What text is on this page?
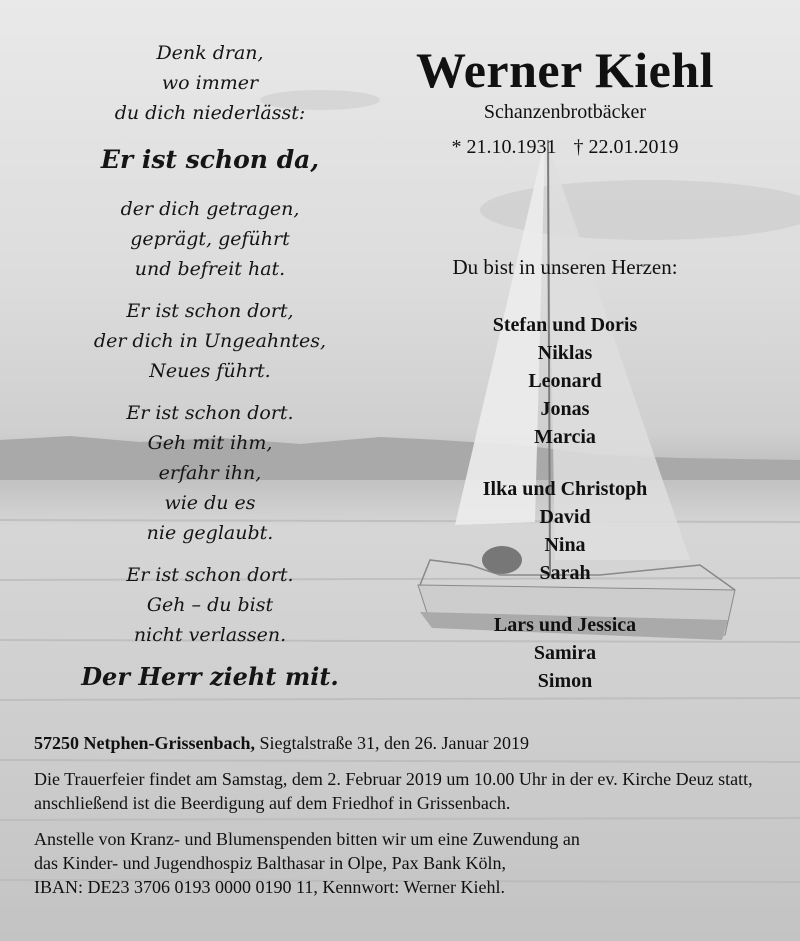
Denk dran,
wo immer
du dich niederlässt:
Er ist schon da,
der dich getragen,
geprägt, geführt
und befreit hat.
Er ist schon dort,
der dich in Ungeahntes,
Neues führt.
Er ist schon dort.
Geh mit ihm,
erfahr ihn,
wie du es
nie geglaubt.
Er ist schon dort.
Geh – du bist
nicht verlassen.
Der Herr zieht mit.
Werner Kiehl
Schanzenbrotbäcker
* 21.10.1931 † 22.01.2019
Du bist in unseren Herzen:
Stefan und Doris
Niklas
Leonard
Jonas
Marcia
Ilka und Christoph
David
Nina
Sarah
Lars und Jessica
Samira
Simon

57250 Netphen-Grissenbach, Siegtalstraße 31, den 26. Januar 2019

Die Trauerfeier findet am Samstag, dem 2. Februar 2019 um 10.00 Uhr in der ev. Kirche Deuz statt, anschließend ist die Beerdigung auf dem Friedhof in Grissenbach.

Anstelle von Kranz- und Blumenspenden bitten wir um eine Zuwendung an
das Kinder- und Jugendhospiz Balthasar in Olpe, Pax Bank Köln,
IBAN: DE23 3706 0193 0000 0190 11, Kennwort: Werner Kiehl.
